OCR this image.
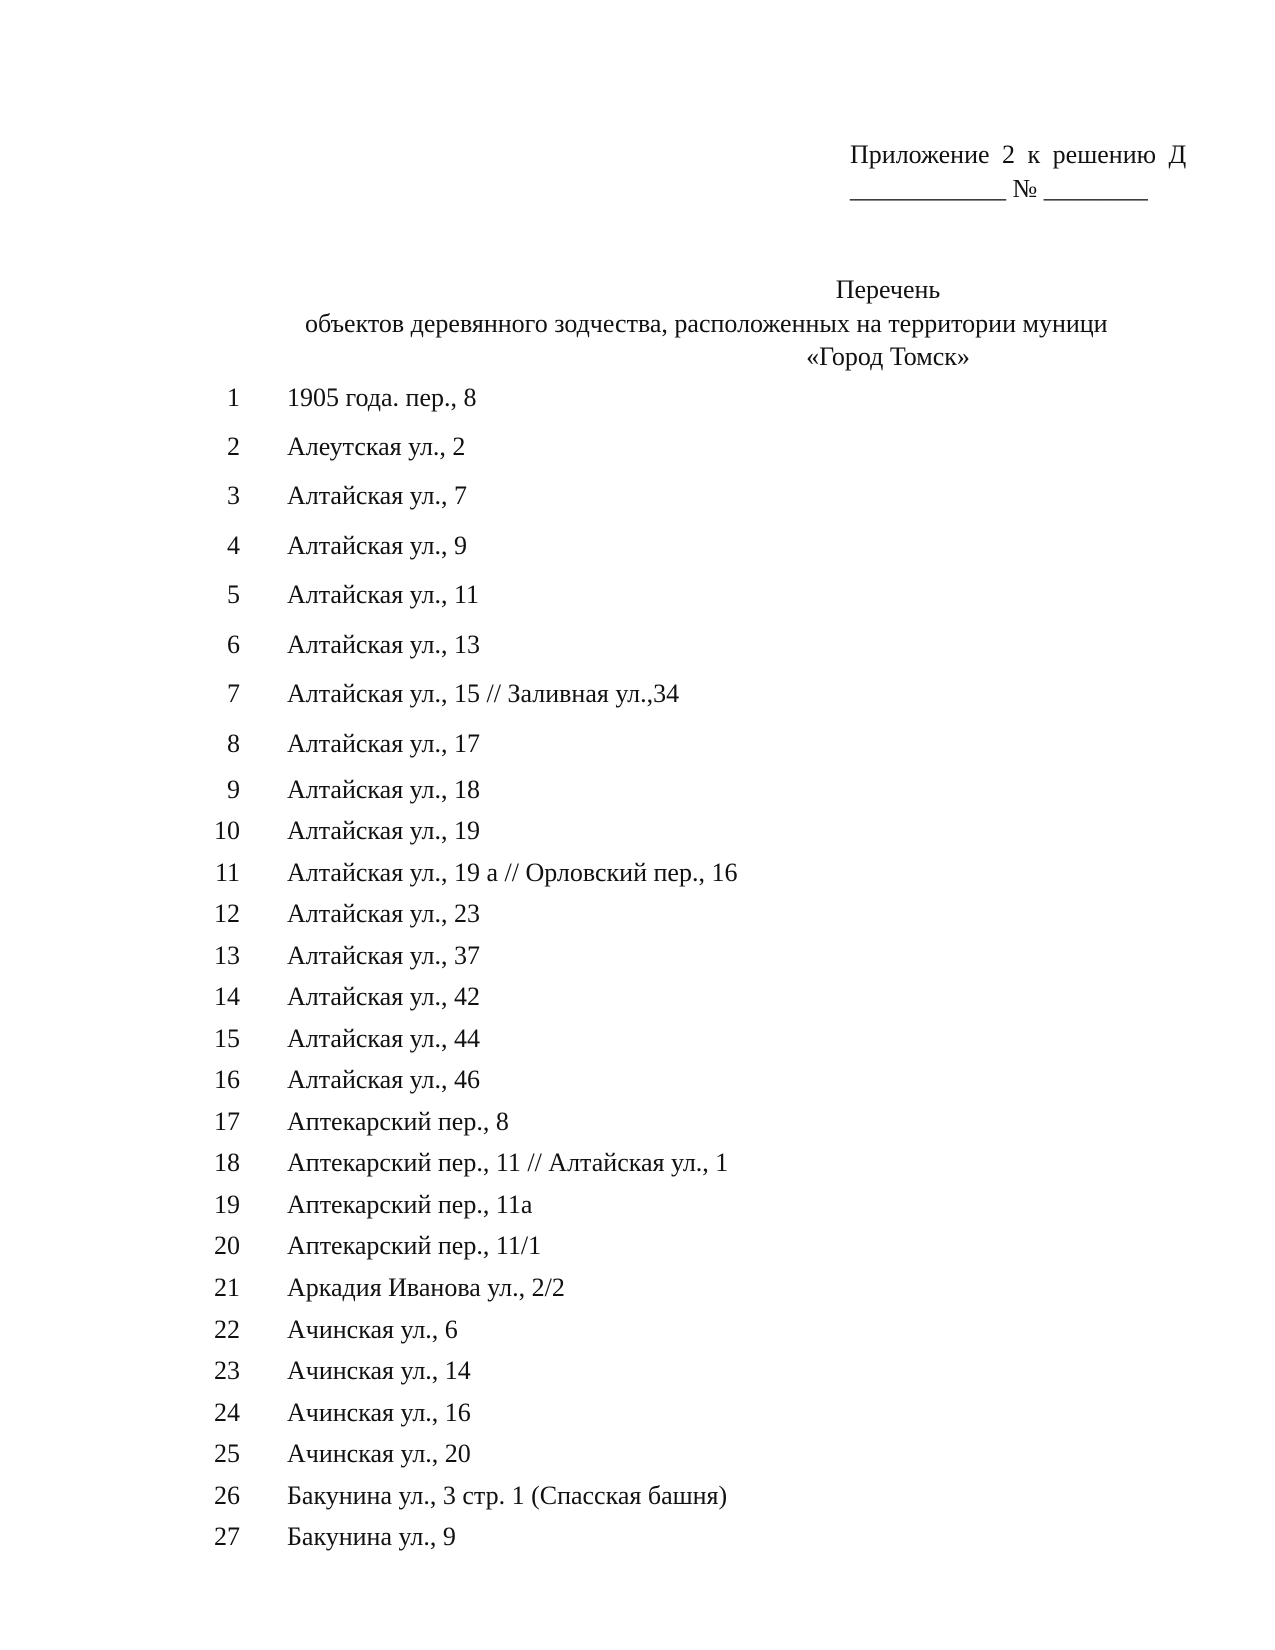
Приложение 2 к решению Д
____________ № ________
Перечень
объектов деревянного зодчества, расположенных на территории муници
«Город Томск»
1 1905 года. пер., 8
2 Алеутская ул., 2
3 Алтайская ул., 7
4 Алтайская ул., 9
5 Алтайская ул., 11
6 Алтайская ул., 13
7 Алтайская ул., 15 // Заливная ул.,34
8 Алтайская ул., 17
9 Алтайская ул., 18
10 Алтайская ул., 19
11 Алтайская ул., 19 а // Орловский пер., 16
12 Алтайская ул., 23
13 Алтайская ул., 37
14 Алтайская ул., 42
15 Алтайская ул., 44
16 Алтайская ул., 46
17 Аптекарский пер., 8
18 Аптекарский пер., 11 // Алтайская ул., 1
19 Аптекарский пер., 11а
20 Аптекарский пер., 11/1
21 Аркадия Иванова ул., 2/2
22 Ачинская ул., 6
23 Ачинская ул., 14
24 Ачинская ул., 16
25 Ачинская ул., 20
26 Бакунина ул., 3 стр. 1 (Спасская башня)
27 Бакунина ул., 9
